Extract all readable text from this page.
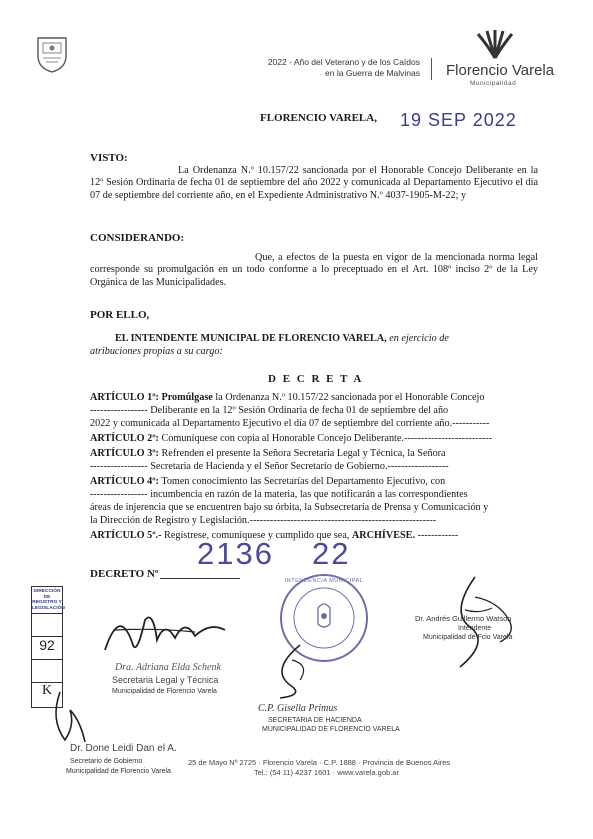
2022 - Año del Veterano y de los Caídos
en la Guerra de Malvinas Florencio Varela
Municipalidad
FLORENCIO VARELA, 19 SEP 2022
VISTO:
La Ordenanza N.º 10.157/22 sancionada por el Honorable Concejo Deliberante en la 12º Sesión Ordinaria de fecha 01 de septiembre del año 2022 y comunicada al Departamento Ejecutivo el día 07 de septiembre del corriente año, en el Expediente Administrativo N.º 4037-1905-M-22; y
CONSIDERANDO:
Que, a efectos de la puesta en vigor de la mencionada norma legal corresponde su promulgación en un todo conforme a lo preceptuado en el Art. 108º inciso 2º de la Ley Orgánica de las Municipalidades.
POR ELLO,
EL INTENDENTE MUNICIPAL DE FLORENCIO VARELA, en ejercicio de
atribuciones propias a su cargo:
D E C R E T A
ARTÍCULO 1º: Promúlgase la Ordenanza N.º 10.157/22 sancionada por el Honorable Concejo
----------------- Deliberante en la 12º Sesión Ordinaria de fecha 01 de septiembre del año
2022 y comunicada al Departamento Ejecutivo el día 07 de septiembre del corriente año.-----------
ARTÍCULO 2º: Comuníquese con copia al Honorable Concejo Deliberante.--------------------------
ARTÍCULO 3º: Refrenden el presente la Señora Secretaria Legal y Técnica, la Señora
----------------- Secretaria de Hacienda y el Señor Secretario de Gobierno.------------------
ARTÍCULO 4º: Tomen conocimiento las Secretarías del Departamento Ejecutivo, con
----------------- incumbencia en razón de la materia, las que notificarán a las correspondientes
áreas de injerencia que se encuentren bajo su órbita, la Subsecretaría de Prensa y Comunicación y
la Dirección de Registro y Legislación.-------------------------------------------------------
ARTÍCULO 5º.- Regístrese, comuníquese y cumplido que sea, ARCHÍVESE. ------------
DECRETO Nº
2136 22
DIRECCIÓN DE
REGISTRO Y
LEGISLACIÓN
92
K
Dra. Adriana Elda Schenk
Secretaria Legal y Técnica
Municipalidad de Florencio Varela
INTENDENCIA MUNICIPAL
C.P. Gisella Primus
SECRETARIA DE HACIENDA
MUNICIPALIDAD DE FLORENCIO VARELA
Dr. Andrés Guillermo Watson
Intendente
Municipalidad de Fcio Varela
Dr. Done Leidi Dan el A.
Secretario de Gobierno
Municipalidad de Florencio Varela
25 de Mayo Nº 2725 · Florencio Varela · C.P. 1888 · Provincia de Buenos Aires
Tel.: (54 11) 4237 1601 · www.varela.gob.ar
